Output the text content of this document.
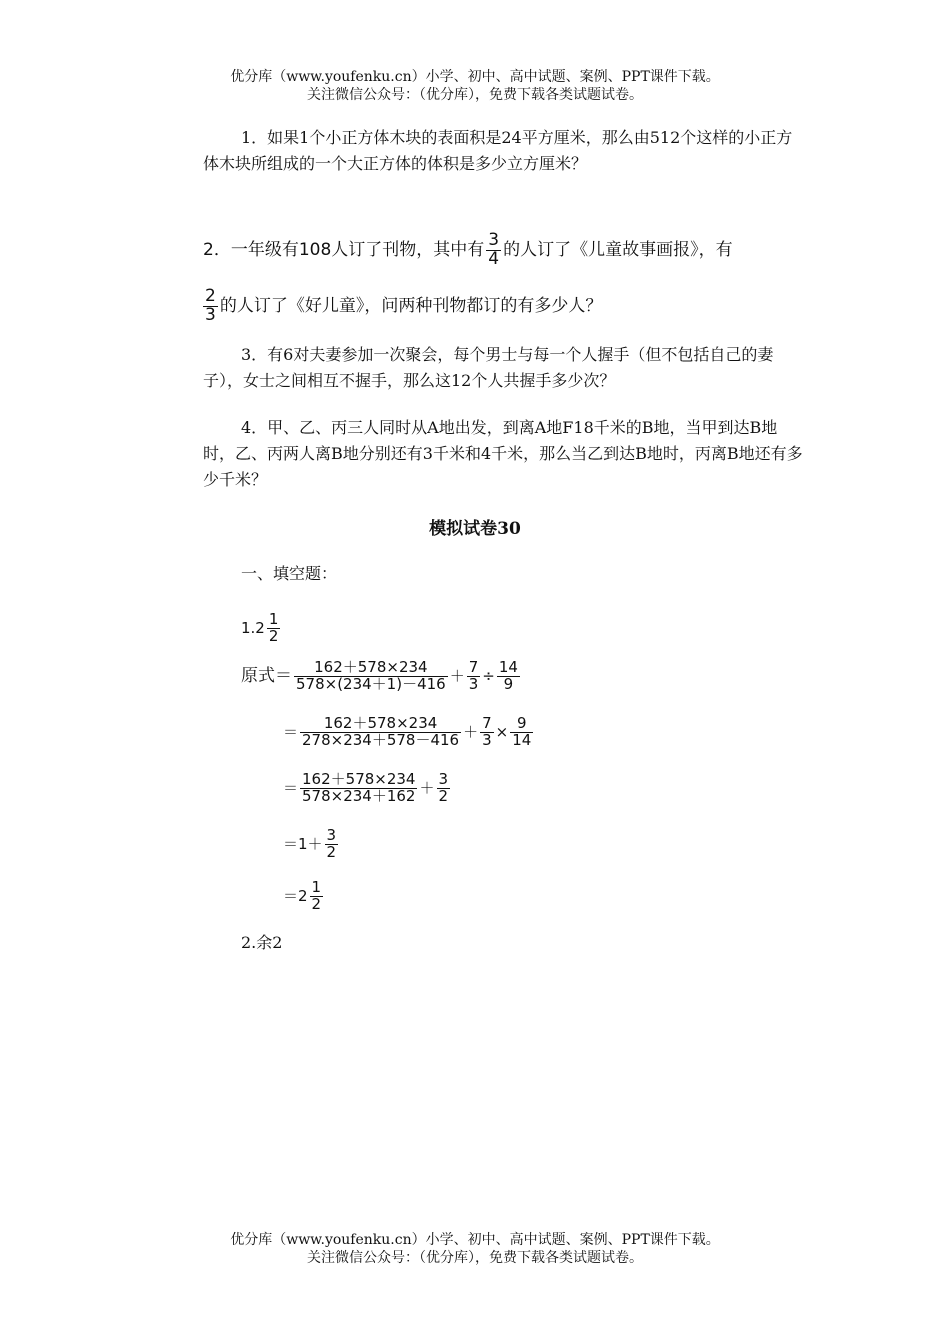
优分库（www.youfenku.cn）小学、初中、高中试题、案例、PPT课件下载。
关注微信公众号：（优分库），免费下载各类试题试卷。
1．如果1个小正方体木块的表面积是24平方厘米，那么由512个这样的小正方体木块所组成的一个大正方体的体积是多少立方厘米？
2．一年级有108人订了刊物，其中有 $\frac{3}{4}$ 的人订了《儿童故事画报》，有

$\frac{2}{3}$ 的人订了《好儿童》，问两种刊物都订的有多少人？
3．有6对夫妻参加一次聚会，每个男士与每一个人握手（但不包括自己的妻子），女士之间相互不握手，那么这12个人共握手多少次？
4．甲、乙、丙三人同时从A地出发，到离A地F18千米的B地，当甲到达B地时，乙、丙两人离B地分别还有3千米和4千米，那么当乙到达B地时，丙离B地还有多少千米？
模拟试卷30
一、填空题：
$1.2 \frac{1}{2}$
原式＝ $\frac{162+578\times 234}{578\times(234+1)-416} + \frac{7}{3} \div \frac{14}{9}$
＝ $\frac{162+578\times 234}{278\times 234+578-416} + \frac{7}{3} \times \frac{9}{14}$
＝ $\frac{162+578\times 234}{578\times 234+162} + \frac{3}{2}$
$=1+ \frac{3}{2}$
$=2 \frac{1}{2}$
2.余2
优分库（www.youfenku.cn）小学、初中、高中试题、案例、PPT课件下载。
关注微信公众号：（优分库），免费下载各类试题试卷。
